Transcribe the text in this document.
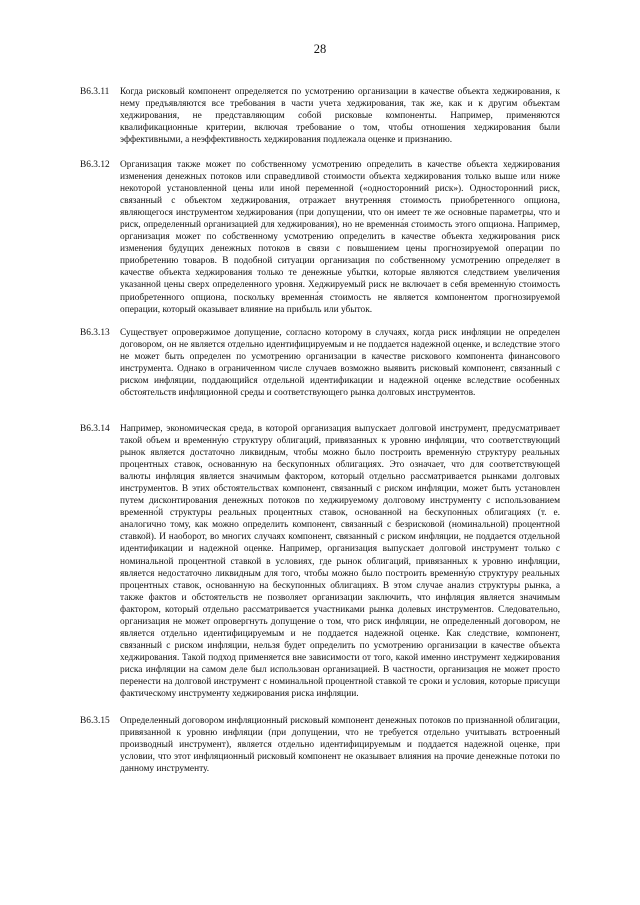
28
B6.3.11	Когда рисковый компонент определяется по усмотрению организации в качестве объекта хеджирования, к нему предъявляются все требования в части учета хеджирования, так же, как и к другим объектам хеджирования, не представляющим собой рисковые компоненты. Например, применяются квалификационные критерии, включая требование о том, чтобы отношения хеджирования были эффективными, а неэффективность хеджирования подлежала оценке и признанию.
B6.3.12	Организация также может по собственному усмотрению определить в качестве объекта хеджирования изменения денежных потоков или справедливой стоимости объекта хеджирования только выше или ниже некоторой установленной цены или иной переменной («односторонний риск»). Односторонний риск, связанный с объектом хеджирования, отражает внутренняя стоимость приобретенного опциона, являющегося инструментом хеджирования (при допущении, что он имеет те же основные параметры, что и риск, определенный организацией для хеджирования), но не временна́я стоимость этого опциона. Например, организация может по собственному усмотрению определить в качестве объекта хеджирования риск изменения будущих денежных потоков в связи с повышением цены прогнозируемой операции по приобретению товаров. В подобной ситуации организация по собственному усмотрению определяет в качестве объекта хеджирования только те денежные убытки, которые являются следствием увеличения указанной цены сверх определенного уровня. Хеджируемый риск не включает в себя временну́ю стоимость приобретенного опциона, поскольку временна́я стоимость не является компонентом прогнозируемой операции, который оказывает влияние на прибыль или убыток.
B6.3.13	Существует опровержимое допущение, согласно которому в случаях, когда риск инфляции не определен договором, он не является отдельно идентифицируемым и не поддается надежной оценке, и вследствие этого не может быть определен по усмотрению организации в качестве рискового компонента финансового инструмента. Однако в ограниченном числе случаев возможно выявить рисковый компонент, связанный с риском инфляции, поддающийся отдельной идентификации и надежной оценке вследствие особенных обстоятельств инфляционной среды и соответствующего рынка долговых инструментов.
B6.3.14	Например, экономическая среда, в которой организация выпускает долговой инструмент, предусматривает такой объем и временну́ю структуру облигаций, привязанных к уровню инфляции, что соответствующий рынок является достаточно ликвидным, чтобы можно было построить временну́ю структуру реальных процентных ставок, основанную на бескупонных облигациях. Это означает, что для соответствующей валюты инфляция является значимым фактором, который отдельно рассматривается рынками долговых инструментов. В этих обстоятельствах компонент, связанный с риском инфляции, может быть установлен путем дисконтирования денежных потоков по хеджируемому долговому инструменту с использованием временно́й структуры реальных процентных ставок, основанной на бескупонных облигациях (т. е. аналогично тому, как можно определить компонент, связанный с безрисковой (номинальной) процентной ставкой). И наоборот, во многих случаях компонент, связанный с риском инфляции, не поддается отдельной идентификации и надежной оценке. Например, организация выпускает долговой инструмент только с номинальной процентной ставкой в условиях, где рынок облигаций, привязанных к уровню инфляции, является недостаточно ликвидным для того, чтобы можно было построить временну́ю структуру реальных процентных ставок, основанную на бескупонных облигациях. В этом случае анализ структуры рынка, а также фактов и обстоятельств не позволяет организации заключить, что инфляция является значимым фактором, который отдельно рассматривается участниками рынка долевых инструментов. Следовательно, организация не может опровергнуть допущение о том, что риск инфляции, не определенный договором, не является отдельно идентифицируемым и не поддается надежной оценке. Как следствие, компонент, связанный с риском инфляции, нельзя будет определить по усмотрению организации в качестве объекта хеджирования. Такой подход применяется вне зависимости от того, какой именно инструмент хеджирования риска инфляции на самом деле был использован организацией. В частности, организация не может просто перенести на долговой инструмент с номинальной процентной ставкой те сроки и условия, которые присущи фактическому инструменту хеджирования риска инфляции.
B6.3.15	Определенный договором инфляционный рисковый компонент денежных потоков по признанной облигации, привязанной к уровню инфляции (при допущении, что не требуется отдельно учитывать встроенный производный инструмент), является отдельно идентифицируемым и поддается надежной оценке, при условии, что этот инфляционный рисковый компонент не оказывает влияния на прочие денежные потоки по данному инструменту.
